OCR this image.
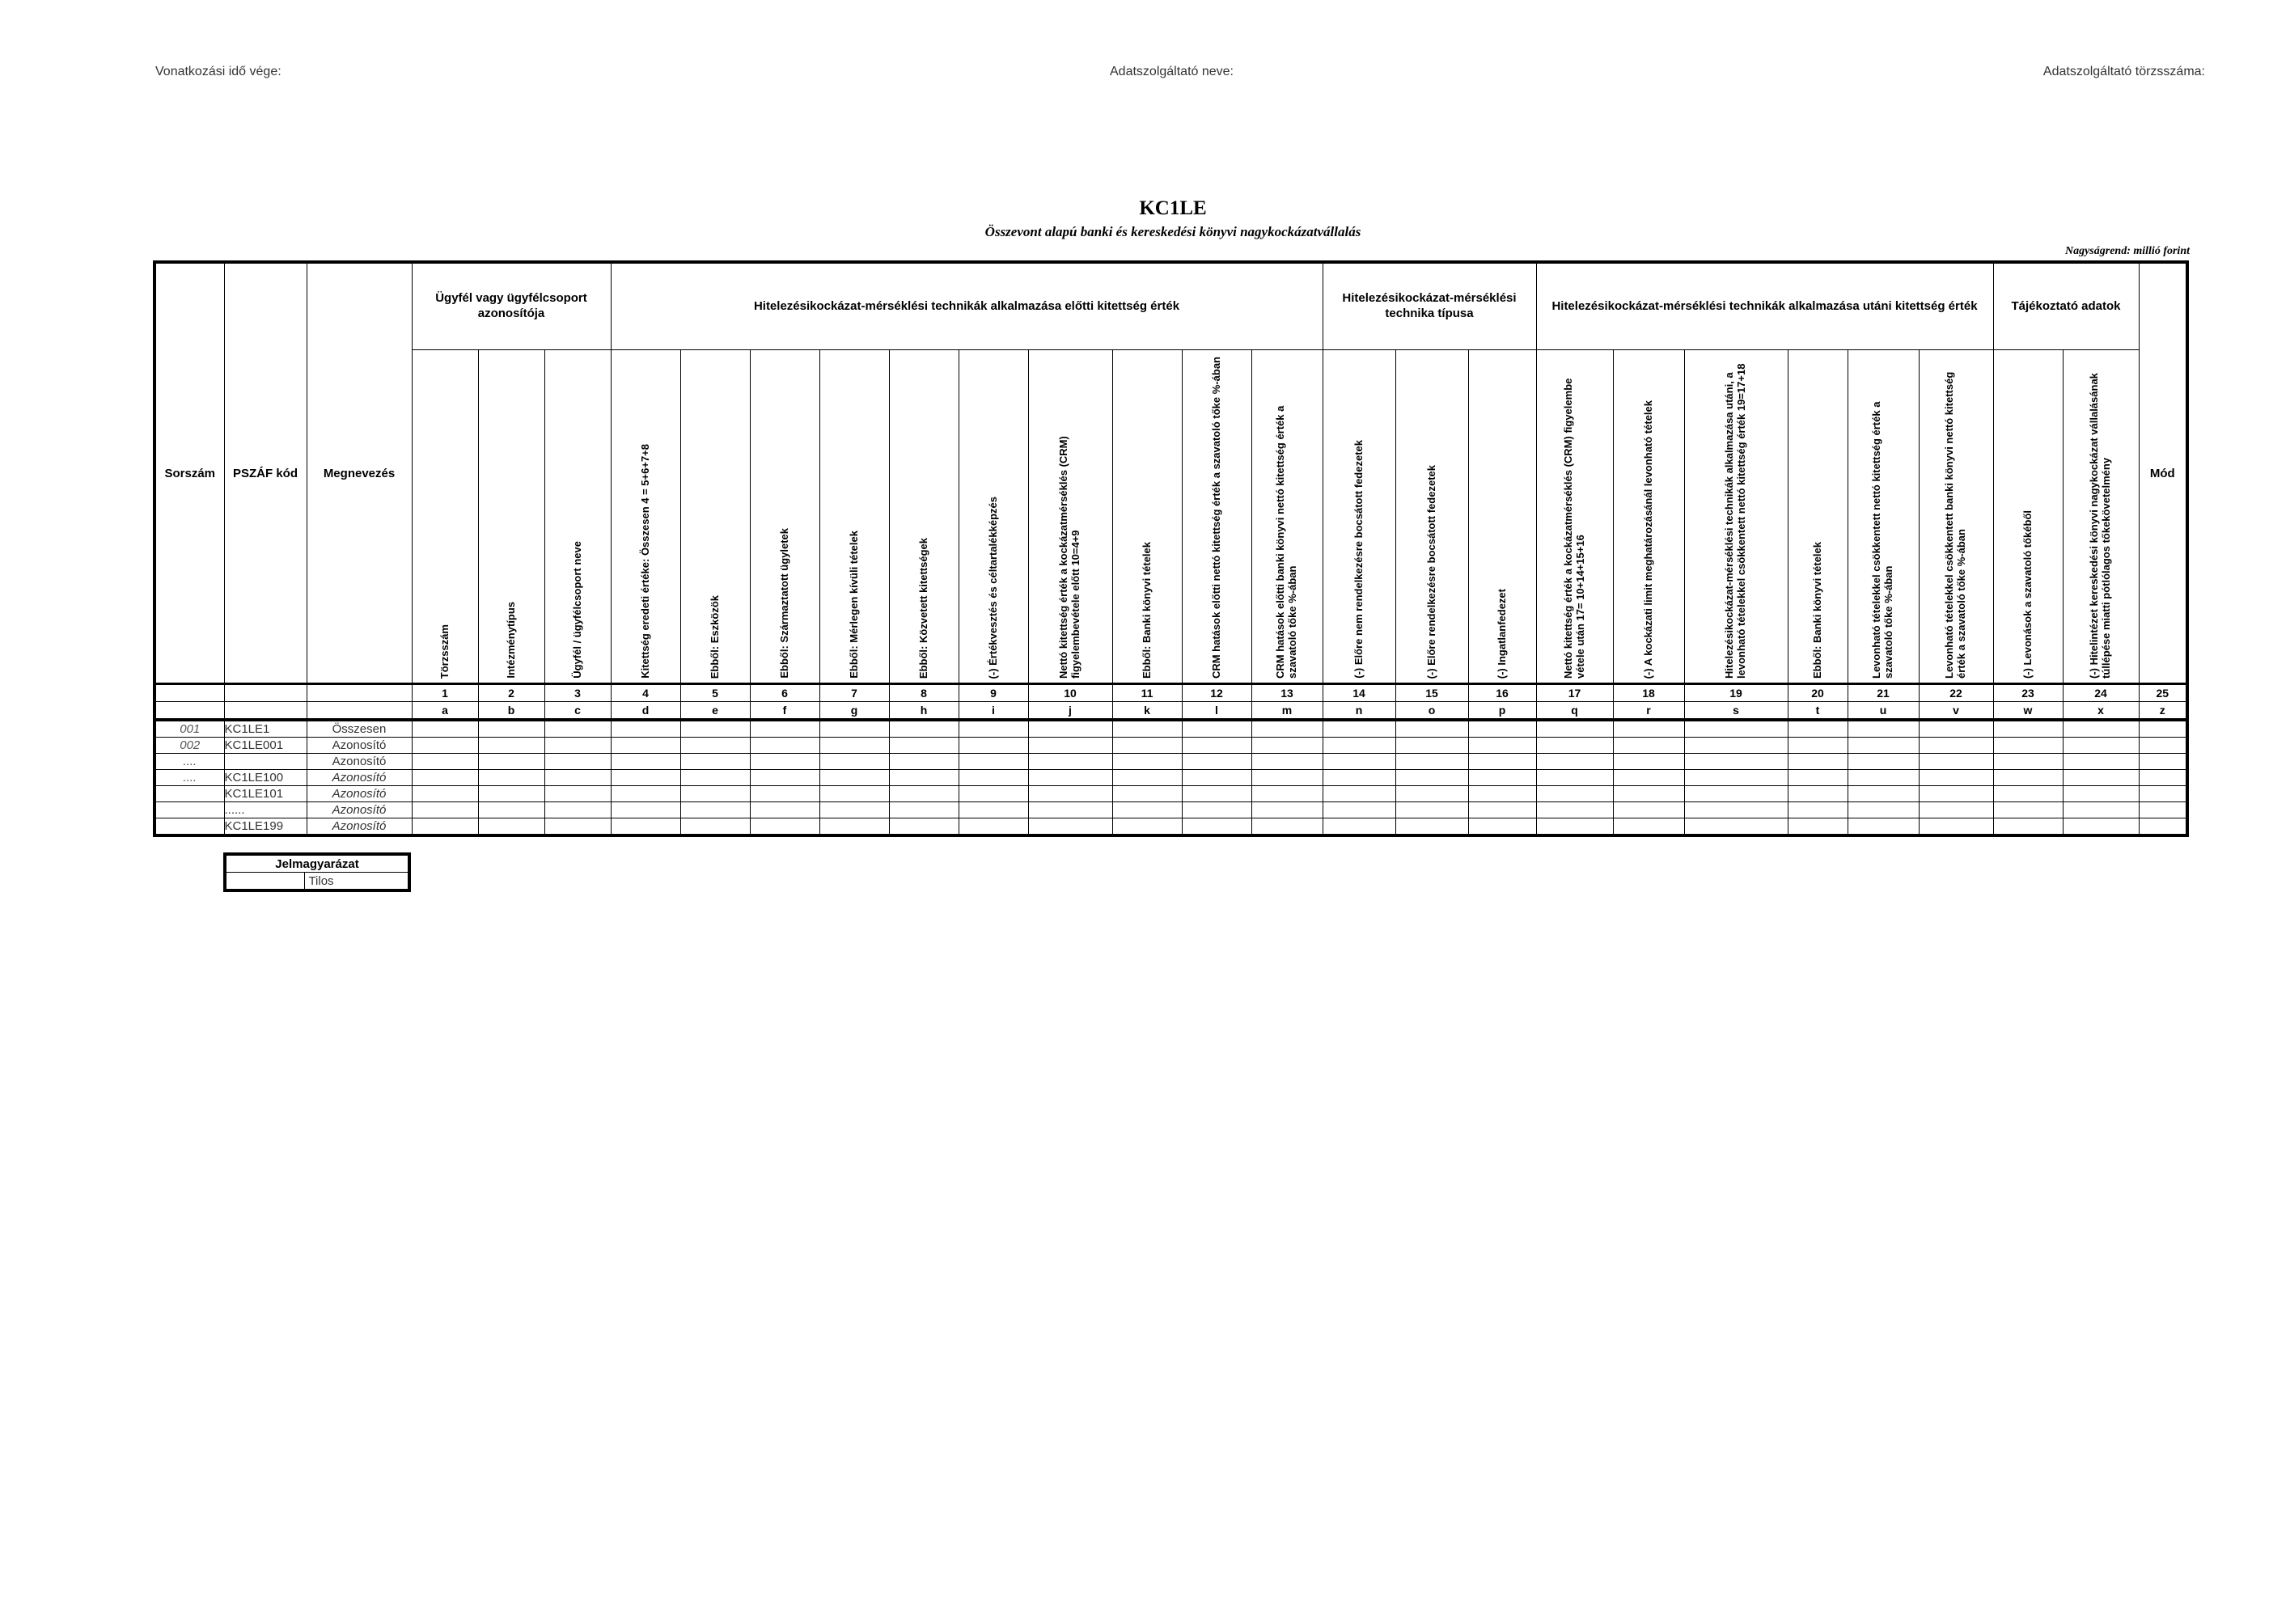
Vonatkozási idő vége:	Adatszolgáltató neve:	Adatszolgáltató törzsszáma:
KC1LE
Összevont alapú banki és kereskedési könyvi nagykockázatvállalás
Nagyságrend: millió forint
Sorszám	PSZÁF kód	Megnevezés	Ügyfél vagy ügyfélcsoport azonosítója			Hitelezésikockázat-mérséklési technikák alkalmazása előtti kitettség érték										Hitelezésikockázat-mérséklési technika típusa			Hitelezésikockázat-mérséklési technikák alkalmazása utáni kitettség érték						Tájékoztató adatok		Mód
			Törzsszám	Intézménytípus	Ügyfél / ügyfélcsoport neve	Kitettség eredeti értéke: Összesen 4 = 5+6+7+8	Ebből: Eszközök	Ebből: Származtatott ügyletek	Ebből: Mérlegen kívüli tételek	Ebből: Közvetett kitettségek	(-) Értékvesztés és céltartalékképzés	Nettó kitettség érték a kockázatmérséklés (CRM) figyelembevétele előtt 10=4+9	Ebből: Banki könyvi tételek	CRM hatások előtti nettó kitettség érték a szavatoló tőke %-ában	CRM hatások előtti banki könyvi nettó kitettség érték a szavatoló tőke %-ában	(-) Előre nem rendelkezésre bocsátott fedezetek	(-) Előre rendelkezésre bocsátott fedezetek	(-) Ingatlanfedezet	Nettó kitettség érték a kockázatmérséklés (CRM) figyelembe vétele után 17= 10+14+15+16	(-) A kockázati limit meghatározásánál levonható tételek	Hitelezésikockázat-mérséklési technikák alkalmazása utáni, a levonható tételekkel csökkentett nettó kitettség érték 19=17+18	Ebből: Banki könyvi tételek	Levonható tételekkel csökkentett nettó kitettség érték a szavatoló tőke %-ában	Levonható tételekkel csökkentett banki könyvi nettó kitettség érték a szavatoló tőke %-ában	(-) Levonások a szavatoló tőkéből	(-) Hitelintézet kereskedési könyvi nagykockázat vállalásának túllépése miatti pótlólagos tőkekövetelmény	
			1	2	3	4	5	6	7	8	9	10	11	12	13	14	15	16	17	18	19	20	21	22	23	24	25
			a	b	c	d	e	f	g	h	i	j	k	l	m	n	o	p	q	r	s	t	u	v	w	x	z
001	KC1LE1	Összesen																									
002	KC1LE001	Azonosító																									
....		Azonosító																									
....	KC1LE100	Azonosító																									
	KC1LE101	Azonosító																									
	......	Azonosító																									
	KC1LE199	Azonosító																									
Jelmagyarázat
	Tilos
